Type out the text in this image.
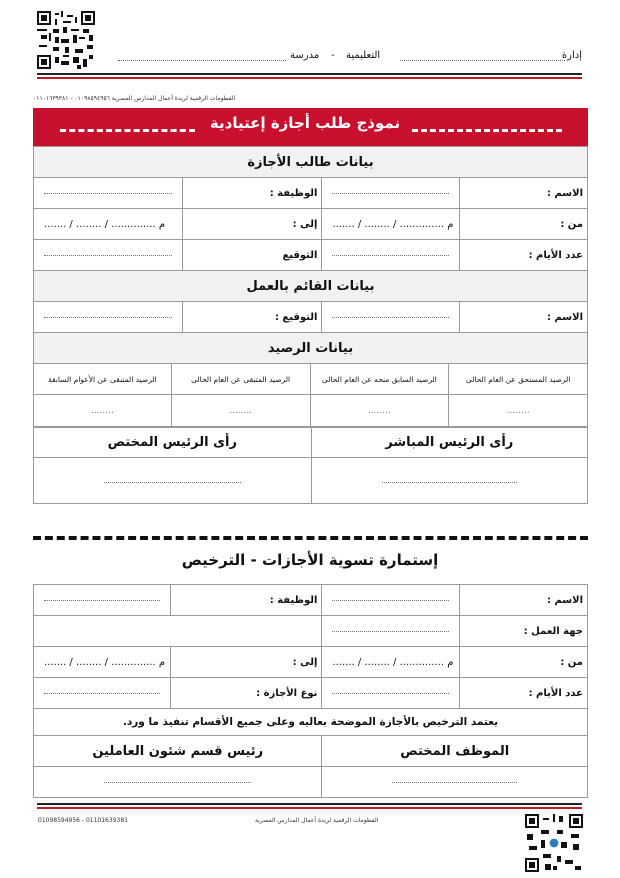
إدارة
التعليمية
-
مدرسة
الفطومات الرقمية لريدة أعمال المدارس المصرية ٠١٠٩٨٥٩٤٩٥٦ - ٠١١٠١٦٣٩٣٨١
نموذج طلب أجازة إعتيادية
بيانات طالب الأجازة			
الاسم :		الوظيفة :	

من :	....... / ........ / .............. م	إلى :	....... / ........ / .............. م
عدد الأيام :		التوقيع	

بيانات القائم بالعمل			
الاسم :		التوقيع :	

بيانات الرصيد			
الرصيد المستحق عن العام الحالى	الرصيد السابق منحه عن العام الحالى	الرصيد المتبقى عن العام الحالى	الرصيد المتبقى عن الأعوام السابقة
........	........	........	........
رأى الرئيس المباشر	رأى الرئيس المختص

إستمارة تسوية الأجازات - الترخيص
الاسم :		الوظيفة :	

جهة العمل :		

من :	....... / ........ / .............. م	إلى :	....... / ........ / .............. م
عدد الأيام :		نوع الأجازة :	

يعتمد الترخيص بالأجازة الموضحة بعاليه وعلى جميع الأقسام تنفيذ ما ورد.			
الموظف المختص		رئيس قسم شئون العاملين	

01098594956 - 01101639381	الفطومات الرقمية لريدة أعمال المدارس المصرية
